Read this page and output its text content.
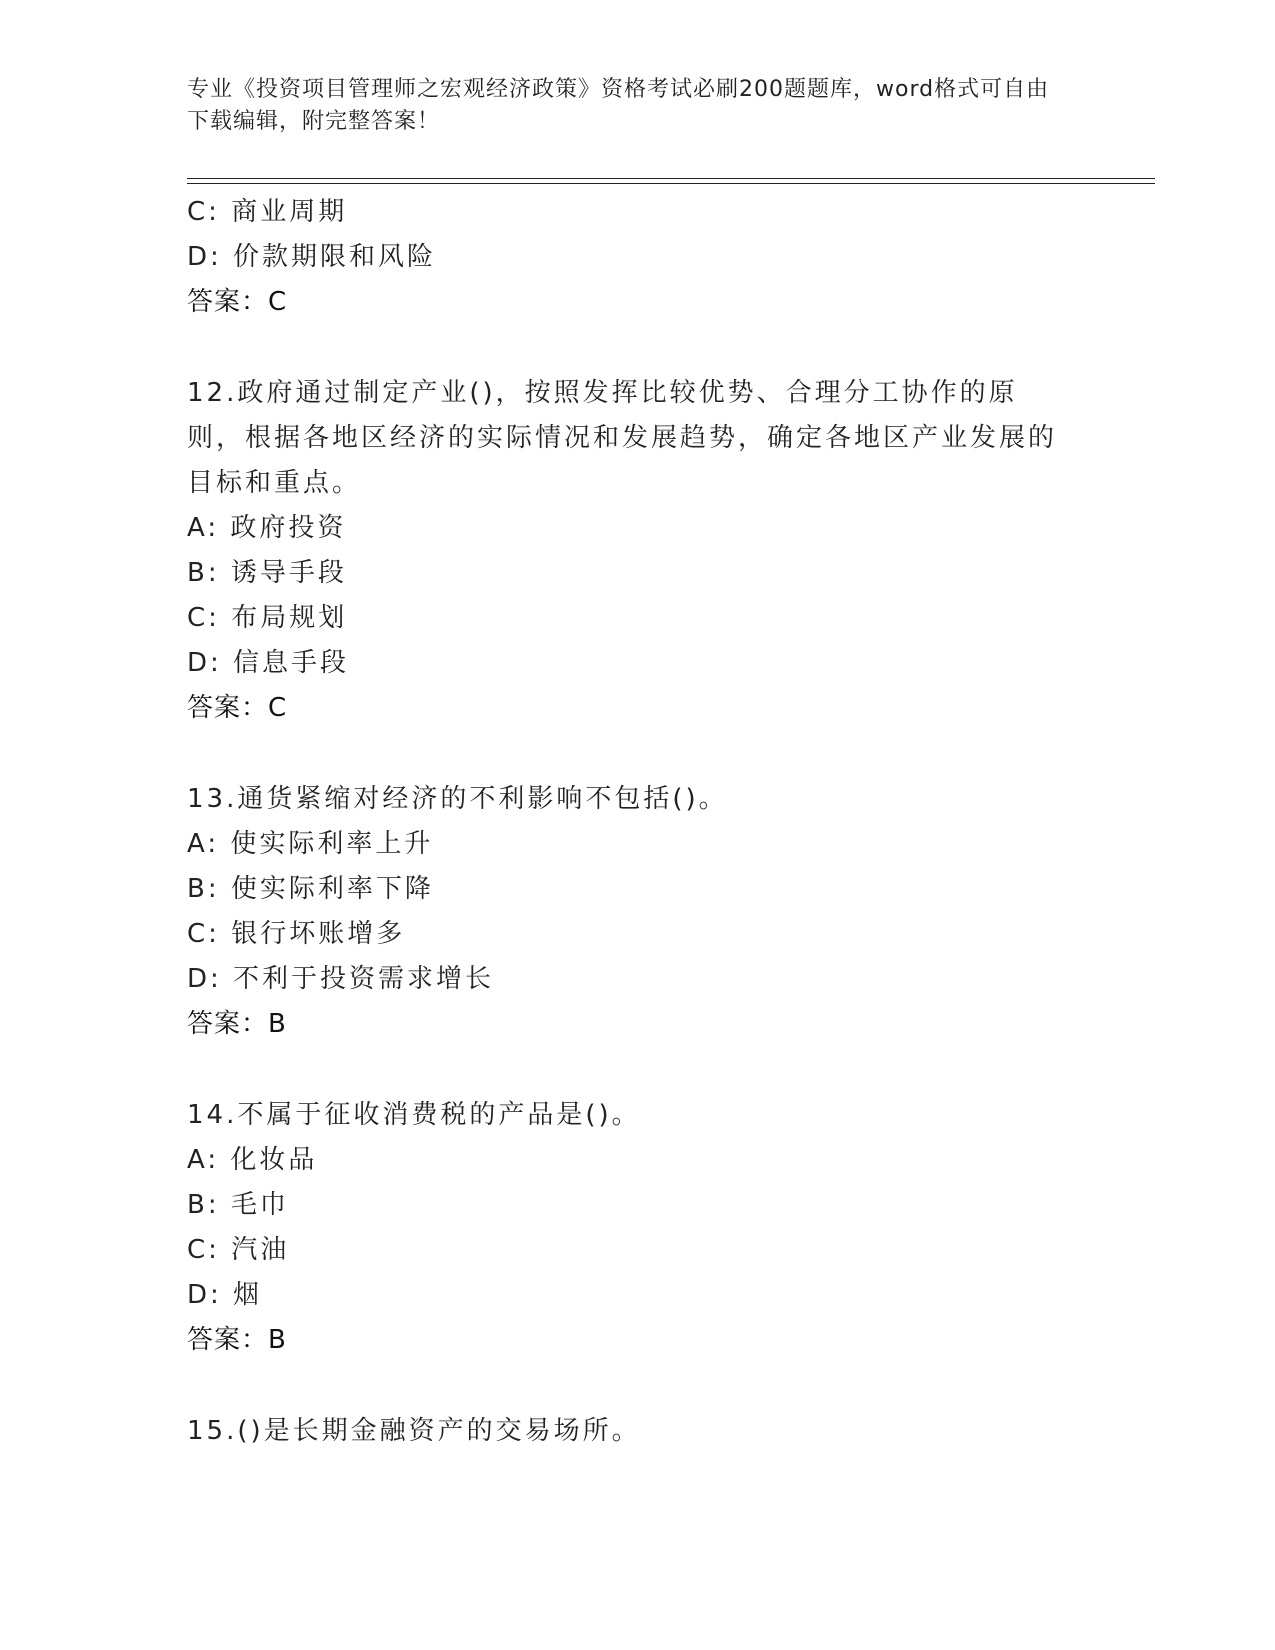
专业《投资项目管理师之宏观经济政策》资格考试必刷200题题库，word格式可自由下载编辑，附完整答案！
C: 商业周期
D: 价款期限和风险
答案：C
12.政府通过制定产业()，按照发挥比较优势、合理分工协作的原则，根据各地区经济的实际情况和发展趋势，确定各地区产业发展的目标和重点。
A: 政府投资
B: 诱导手段
C: 布局规划
D: 信息手段
答案：C
13.通货紧缩对经济的不利影响不包括()。
A: 使实际利率上升
B: 使实际利率下降
C: 银行坏账增多
D: 不利于投资需求增长
答案：B
14.不属于征收消费税的产品是()。
A: 化妆品
B: 毛巾
C: 汽油
D: 烟
答案：B
15.()是长期金融资产的交易场所。
